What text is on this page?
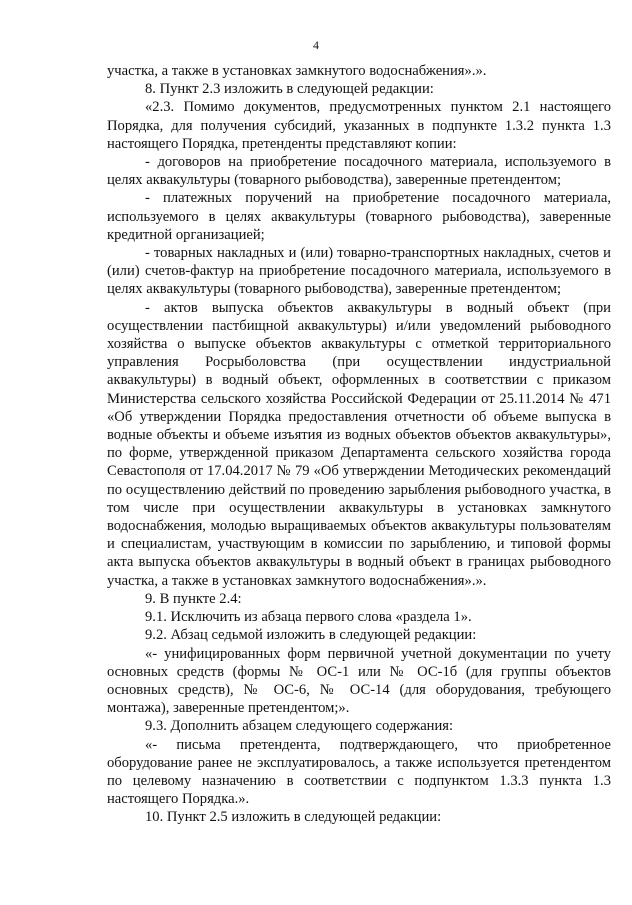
4

участка, а также в установках замкнутого водоснабжения».».

8. Пункт 2.3 изложить в следующей редакции:

«2.3. Помимо документов, предусмотренных пунктом 2.1 настоящего Порядка, для получения субсидий, указанных в подпункте 1.3.2 пункта 1.3 настоящего Порядка, претенденты представляют копии:

- договоров на приобретение посадочного материала, используемого в целях аквакультуры (товарного рыбоводства), заверенные претендентом;

- платежных поручений на приобретение посадочного материала, используемого в целях аквакультуры (товарного рыбоводства), заверенные кредитной организацией;

- товарных накладных и (или) товарно-транспортных накладных, счетов и (или) счетов-фактур на приобретение посадочного материала, используемого в целях аквакультуры (товарного рыбоводства), заверенные претендентом;

- актов выпуска объектов аквакультуры в водный объект (при осуществлении пастбищной аквакультуры) и/или уведомлений рыбоводного хозяйства о выпуске объектов аквакультуры с отметкой территориального управления Росрыболовства (при осуществлении индустриальной аквакультуры) в водный объект, оформленных в соответствии с приказом Министерства сельского хозяйства Российской Федерации от 25.11.2014 № 471 «Об утверждении Порядка предоставления отчетности об объеме выпуска в водные объекты и объеме изъятия из водных объектов объектов аквакультуры», по форме, утвержденной приказом Департамента сельского хозяйства города Севастополя от 17.04.2017 № 79 «Об утверждении Методических рекомендаций по осуществлению действий по проведению зарыбления рыбоводного участка, в том числе при осуществлении аквакультуры в установках замкнутого водоснабжения, молодью выращиваемых объектов аквакультуры пользователям и специалистам, участвующим в комиссии по зарыблению, и типовой формы акта выпуска объектов аквакультуры в водный объект в границах рыбоводного участка, а также в установках замкнутого водоснабжения».».

9. В пункте 2.4:

9.1. Исключить из абзаца первого слова «раздела 1».

9.2. Абзац седьмой изложить в следующей редакции:

«- унифицированных форм первичной учетной документации по учету основных средств (формы № ОС-1 или № ОС-1б (для группы объектов основных средств), № ОС-6, № ОС-14 (для оборудования, требующего монтажа), заверенные претендентом;».

9.3. Дополнить абзацем следующего содержания:

«- письма претендента, подтверждающего, что приобретенное оборудование ранее не эксплуатировалось, а также используется претендентом по целевому назначению в соответствии с подпунктом 1.3.3 пункта 1.3 настоящего Порядка.».

10. Пункт 2.5 изложить в следующей редакции:
